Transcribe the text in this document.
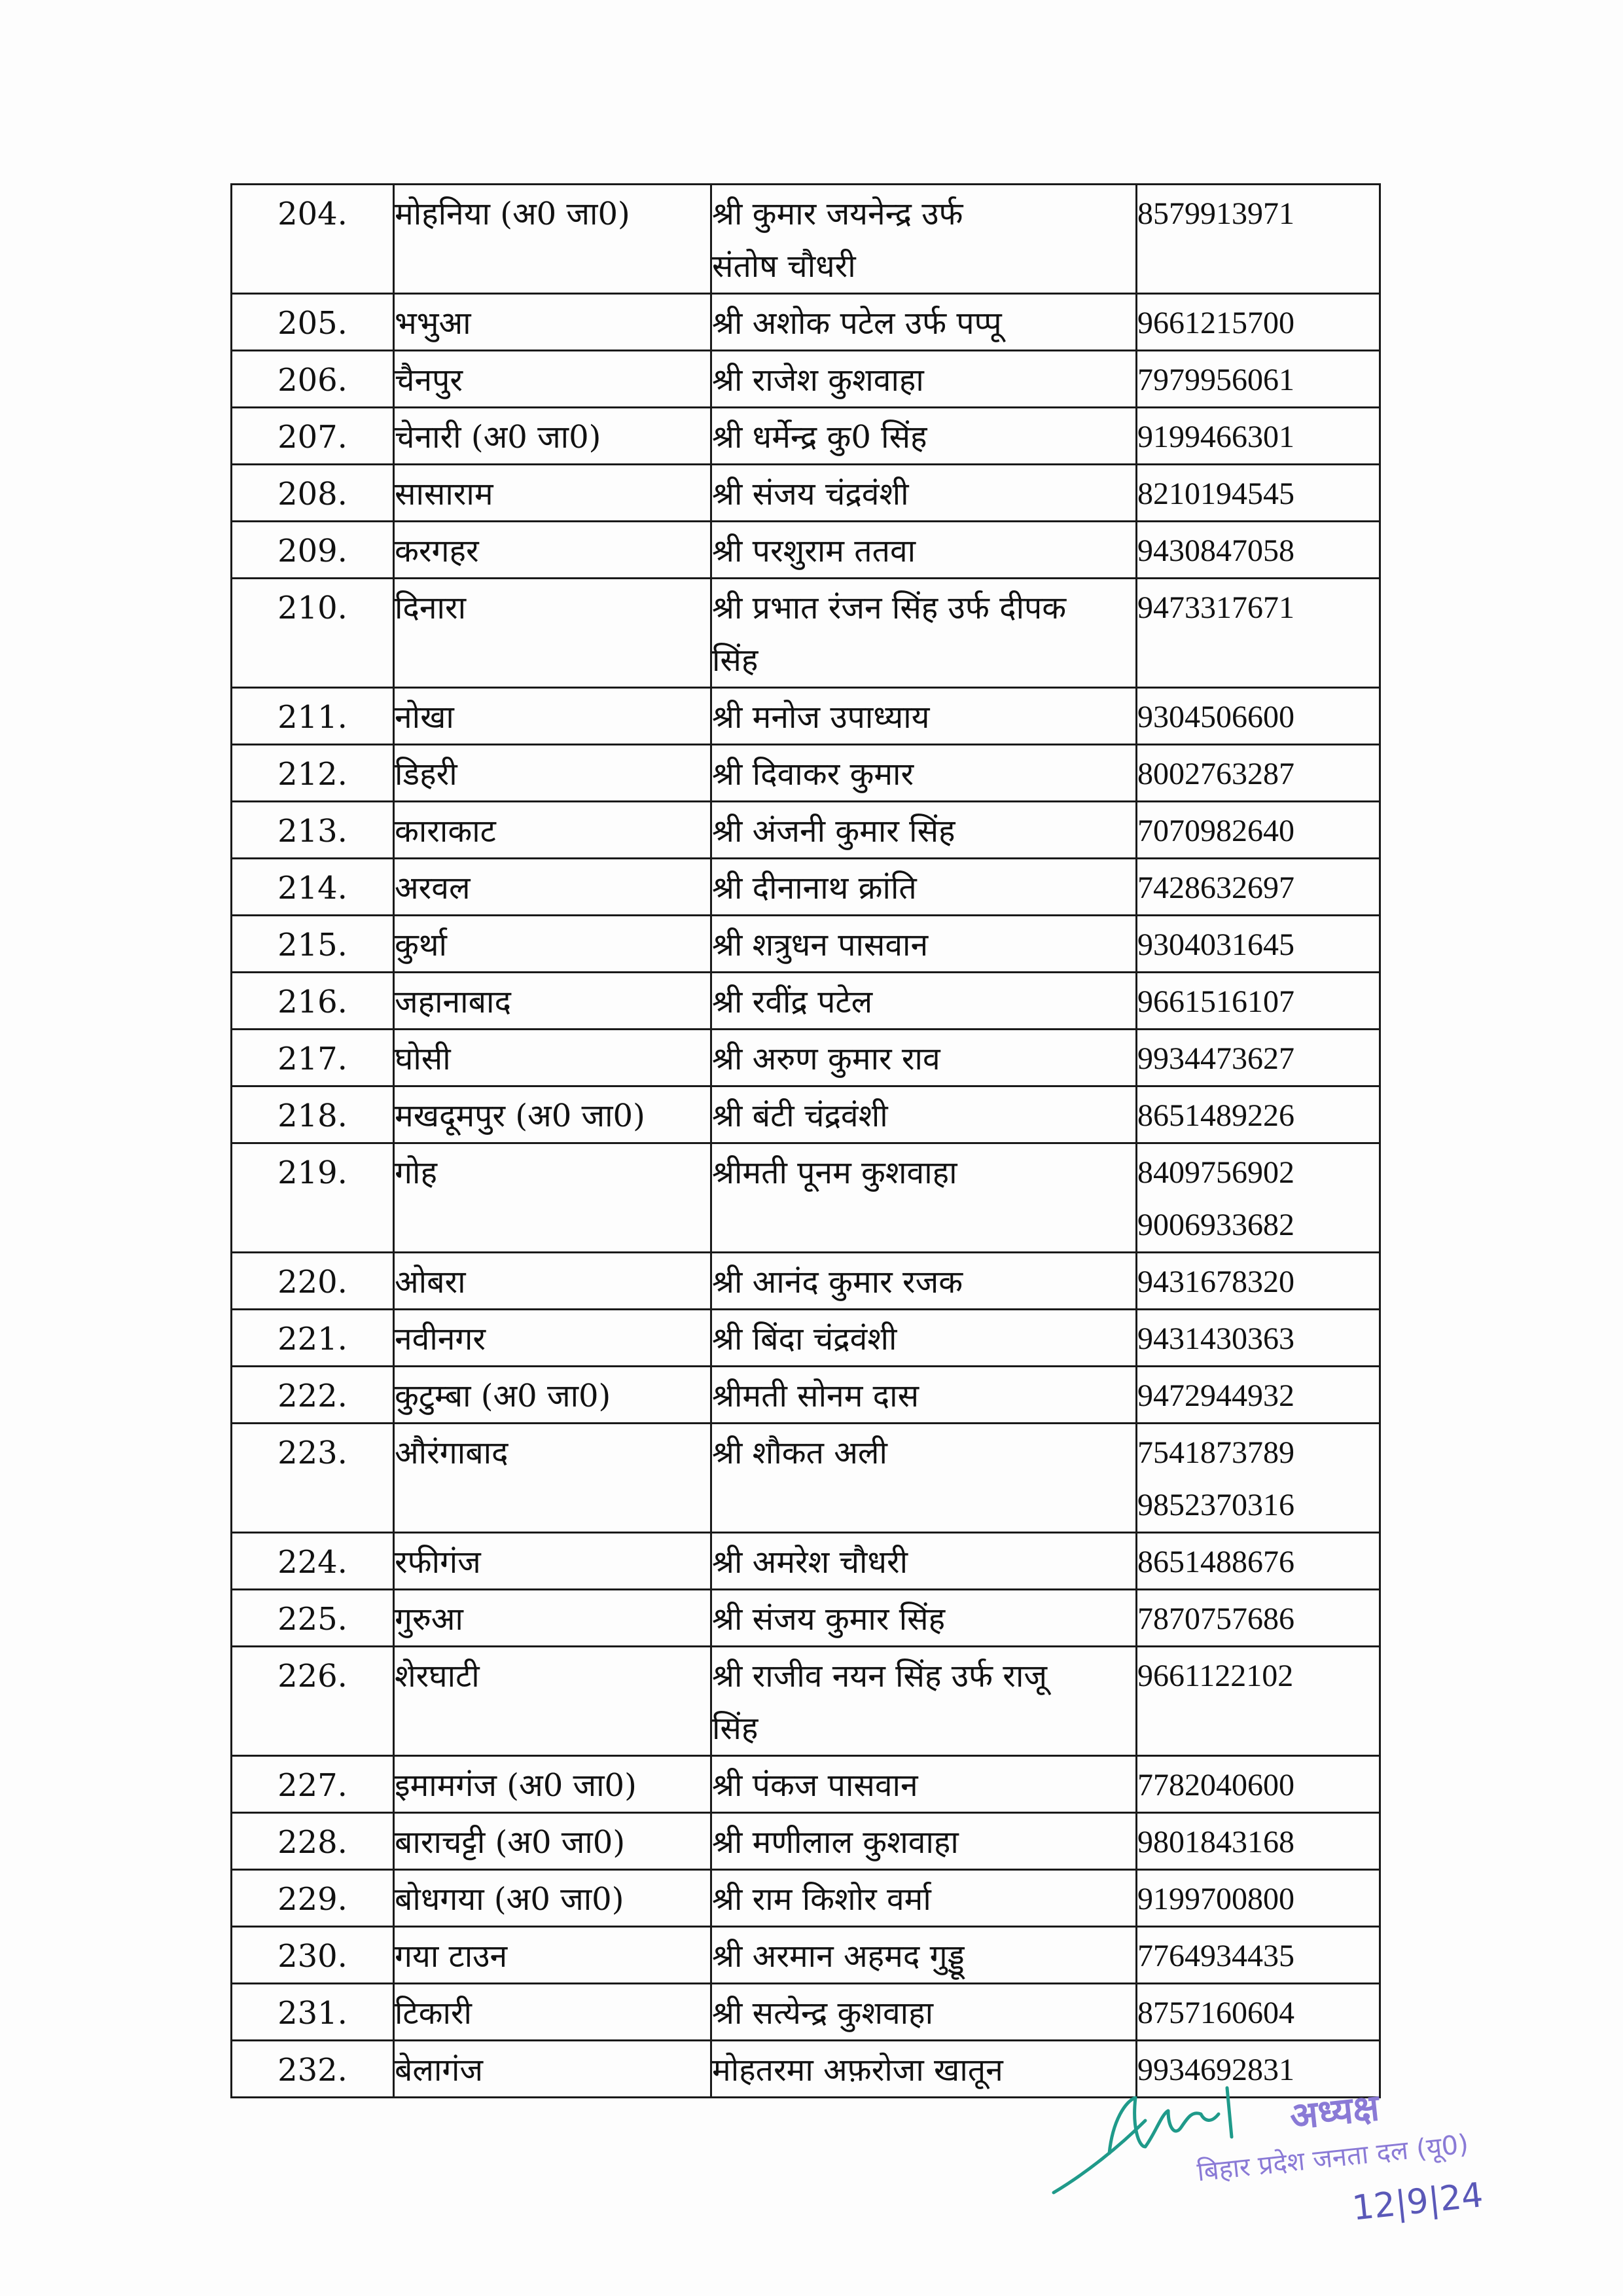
204.	मोहनिया (अ0 जा0)	श्री कुमार जयनेन्द्र उर्फ
संतोष चौधरी	8579913971

205.	भभुआ	श्री अशोक पटेल उर्फ पप्पू	9661215700

206.	चैनपुर	श्री राजेश कुशवाहा	7979956061

207.	चेनारी (अ0 जा0)	श्री धर्मेन्द्र कु0 सिंह	9199466301

208.	सासाराम	श्री संजय चंद्रवंशी	8210194545

209.	करगहर	श्री परशुराम ततवा	9430847058

210.	दिनारा	श्री प्रभात रंजन सिंह उर्फ दीपक
सिंह	9473317671

211.	नोखा	श्री मनोज उपाध्याय	9304506600

212.	डिहरी	श्री दिवाकर कुमार	8002763287

213.	काराकाट	श्री अंजनी कुमार सिंह	7070982640

214.	अरवल	श्री दीनानाथ क्रांति	7428632697

215.	कुर्था	श्री शत्रुधन पासवान	9304031645

216.	जहानाबाद	श्री रवींद्र पटेल	9661516107

217.	घोसी	श्री अरुण कुमार राव	9934473627

218.	मखदूमपुर (अ0 जा0)	श्री बंटी चंद्रवंशी	8651489226

219.	गोह	श्रीमती पूनम कुशवाहा	8409756902
9006933682

220.	ओबरा	श्री आनंद कुमार रजक	9431678320

221.	नवीनगर	श्री बिंदा चंद्रवंशी	9431430363

222.	कुटुम्बा (अ0 जा0)	श्रीमती सोनम दास	9472944932

223.	औरंगाबाद	श्री शौकत अली	7541873789
9852370316

224.	रफीगंज	श्री अमरेश चौधरी	8651488676

225.	गुरुआ	श्री संजय कुमार सिंह	7870757686

226.	शेरघाटी	श्री राजीव नयन सिंह उर्फ राजू
सिंह	9661122102

227.	इमामगंज (अ0 जा0)	श्री पंकज पासवान	7782040600

228.	बाराचट्टी (अ0 जा0)	श्री मणीलाल कुशवाहा	9801843168

229.	बोधगया (अ0 जा0)	श्री राम किशोर वर्मा	9199700800

230.	गया टाउन	श्री अरमान अहमद गुड्डू	7764934435

231.	टिकारी	श्री सत्येन्द्र कुशवाहा	8757160604

232.	बेलागंज	मोहतरमा अफ़रोजा खातून	9934692831
अध्यक्ष
बिहार प्रदेश जनता दल (यू0)
12|9|24
